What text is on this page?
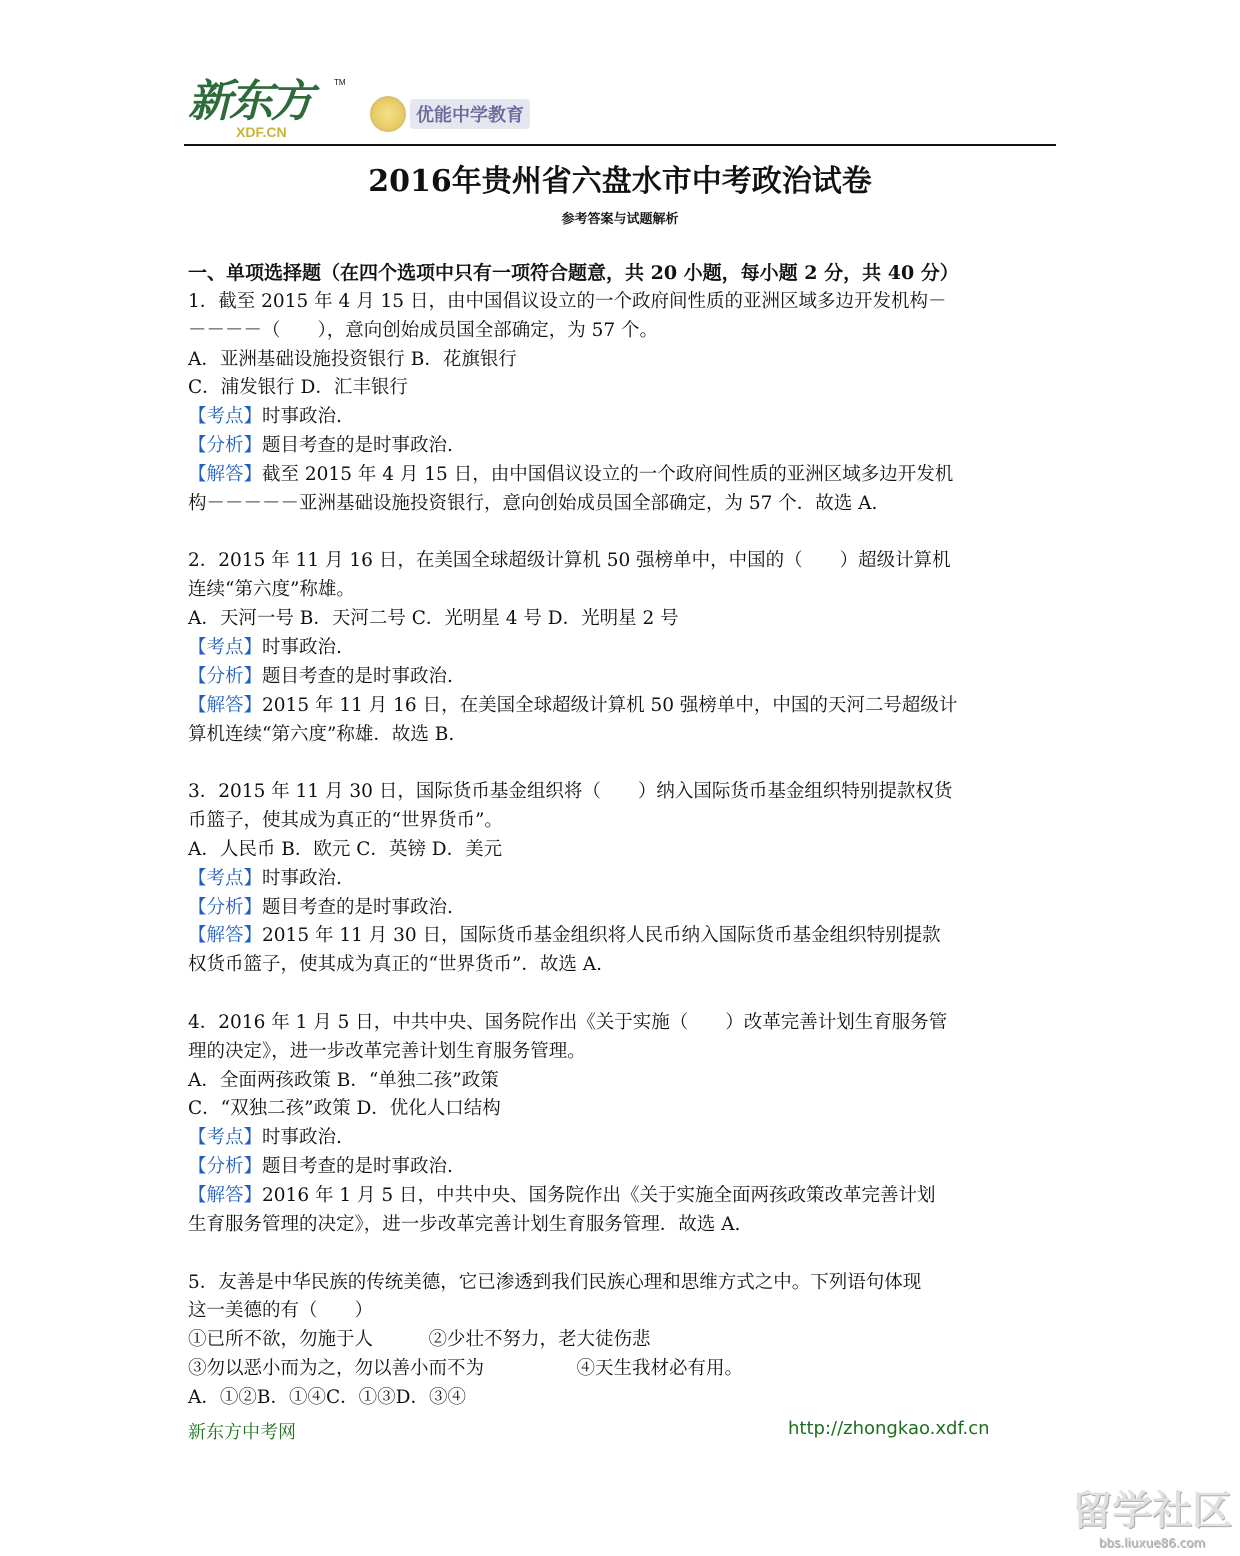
新东方
XDF.CN
TM
优能中学教育
2016年贵州省六盘水市中考政治试卷
参考答案与试题解析
一、单项选择题（在四个选项中只有一项符合题意，共 20 小题，每小题 2 分，共 40 分）
1．截至 2015 年 4 月 15 日，由中国倡议设立的一个政府间性质的亚洲区域多边开发机构－
－－－－（　　），意向创始成员国全部确定，为 57 个。
A．亚洲基础设施投资银行 B．花旗银行
C．浦发银行 D．汇丰银行
【考点】时事政治.
【分析】题目考查的是时事政治.
【解答】截至 2015 年 4 月 15 日，由中国倡议设立的一个政府间性质的亚洲区域多边开发机
构－－－－－亚洲基础设施投资银行，意向创始成员国全部确定，为 57 个．故选 A.
2．2015 年 11 月 16 日，在美国全球超级计算机 50 强榜单中，中国的（　　）超级计算机
连续“第六度”称雄。
A．天河一号 B．天河二号 C．光明星 4 号 D．光明星 2 号
【考点】时事政治.
【分析】题目考查的是时事政治.
【解答】2015 年 11 月 16 日，在美国全球超级计算机 50 强榜单中，中国的天河二号超级计
算机连续“第六度”称雄．故选 B.
3．2015 年 11 月 30 日，国际货币基金组织将（　　）纳入国际货币基金组织特别提款权货
币篮子，使其成为真正的“世界货币”。
A．人民币 B．欧元 C．英镑 D．美元
【考点】时事政治.
【分析】题目考查的是时事政治.
【解答】2015 年 11 月 30 日，国际货币基金组织将人民币纳入国际货币基金组织特别提款
权货币篮子，使其成为真正的“世界货币”．故选 A.
4．2016 年 1 月 5 日，中共中央、国务院作出《关于实施（　　）改革完善计划生育服务管
理的决定》，进一步改革完善计划生育服务管理。
A．全面两孩政策 B．“单独二孩”政策
C．“双独二孩”政策 D．优化人口结构
【考点】时事政治.
【分析】题目考查的是时事政治.
【解答】2016 年 1 月 5 日，中共中央、国务院作出《关于实施全面两孩政策改革完善计划
生育服务管理的决定》，进一步改革完善计划生育服务管理．故选 A.
5．友善是中华民族的传统美德，它已渗透到我们民族心理和思维方式之中。下列语句体现
这一美德的有（　　）
①已所不欲，勿施于人　　　②少壮不努力，老大徒伤悲
③勿以恶小而为之，勿以善小而不为　　　　　④天生我材必有用。
A．①②B．①④C．①③D．③④
新东方中考网	http://zhongkao.xdf.cn
留学社区
bbs.liuxue86.com
